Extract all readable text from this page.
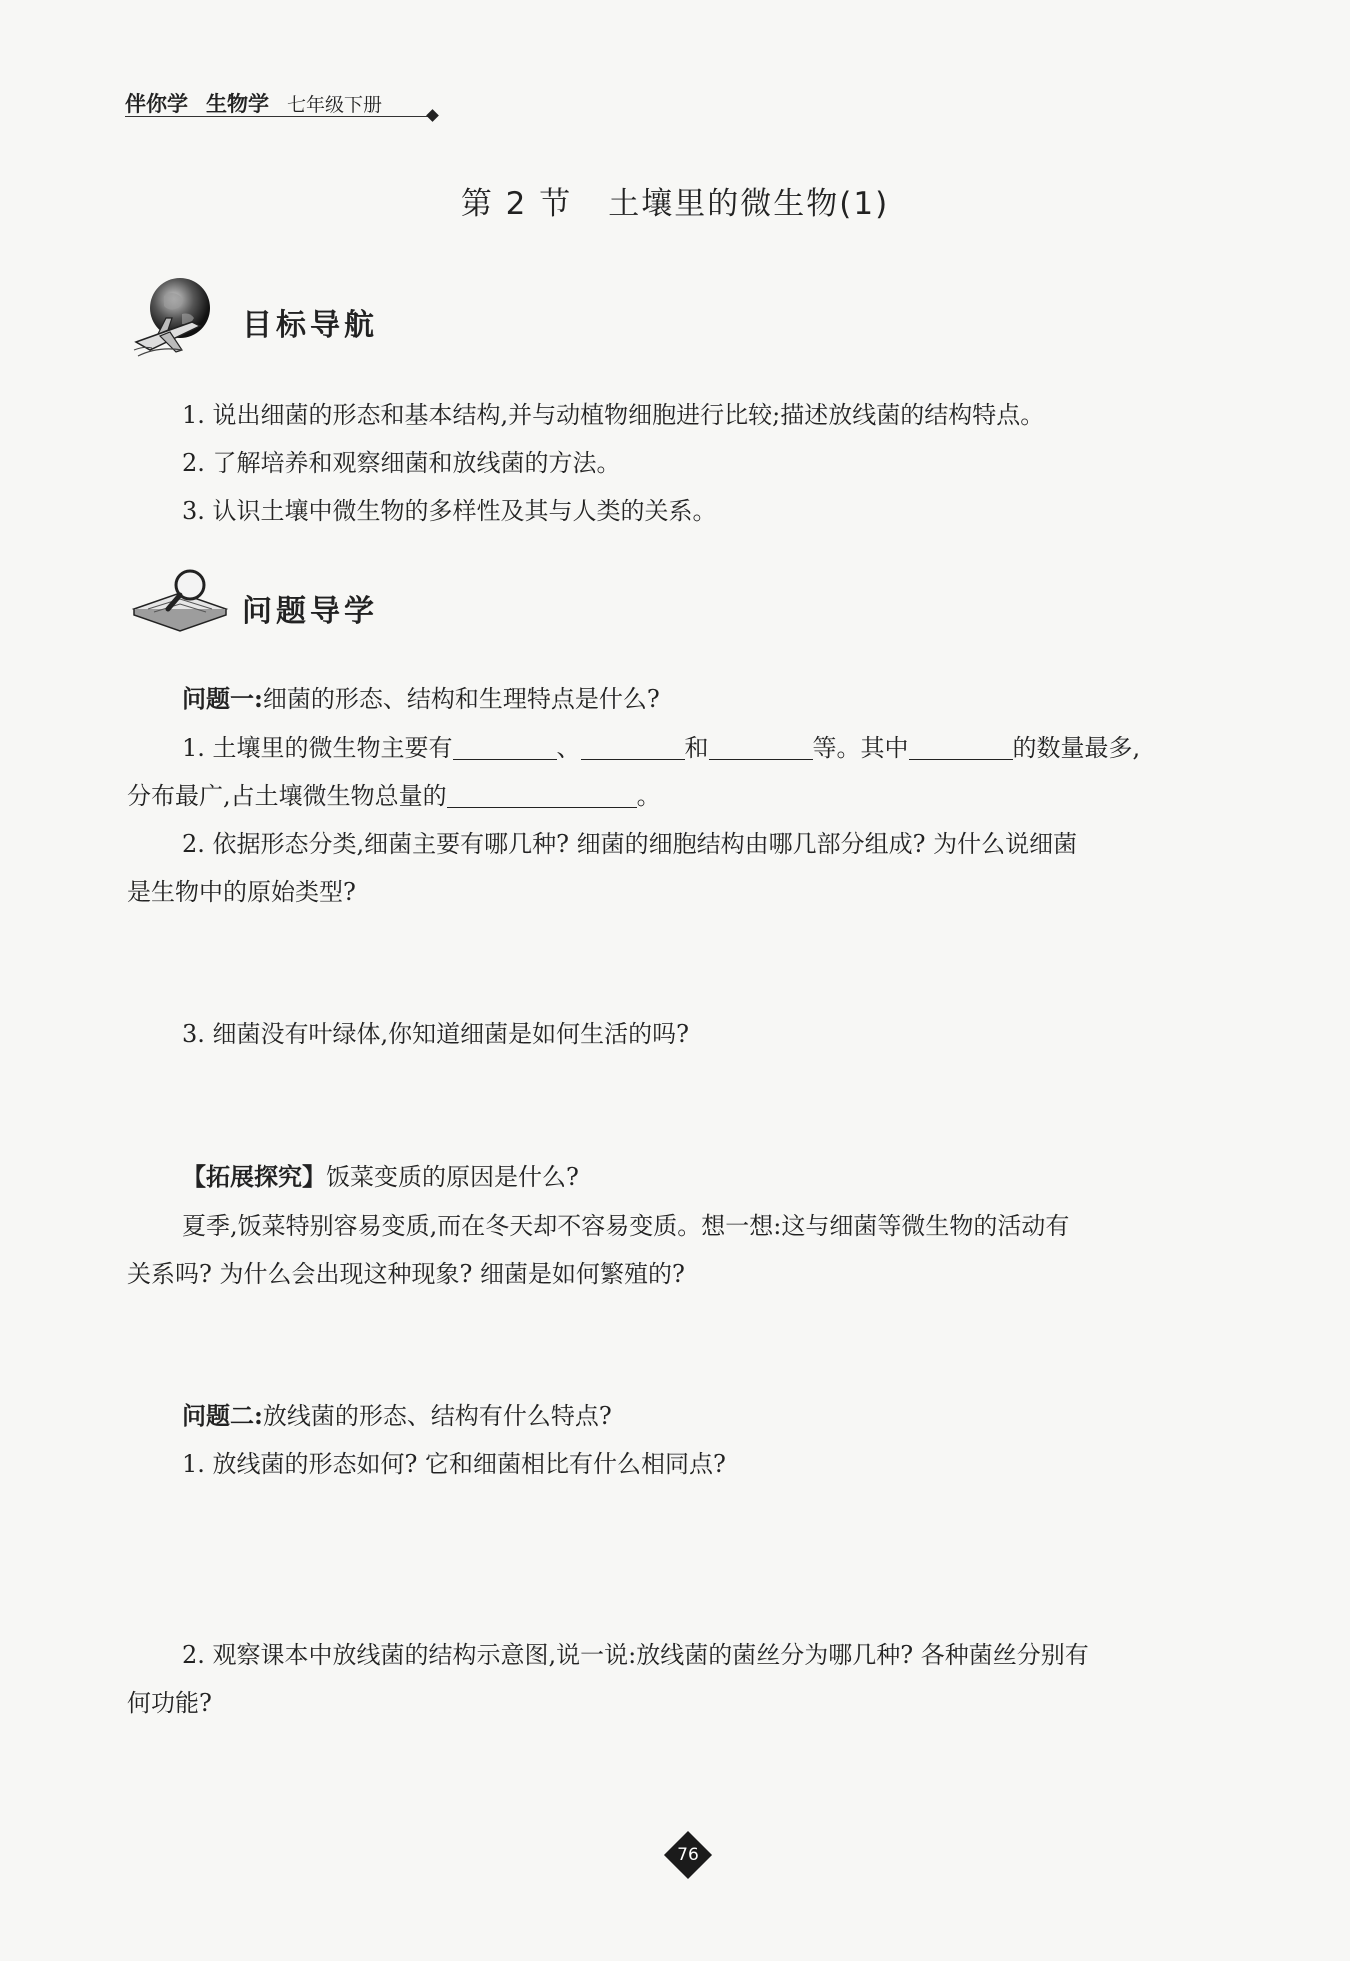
伴你学 生物学 七年级下册
第 2 节 土壤里的微生物(1)
目标导航
1. 说出细菌的形态和基本结构,并与动植物细胞进行比较;描述放线菌的结构特点。
2. 了解培养和观察细菌和放线菌的方法。
3. 认识土壤中微生物的多样性及其与人类的关系。
问题导学
问题一:细菌的形态、结构和生理特点是什么?
1. 土壤里的微生物主要有	、	和	等。其中	的数量最多,
分布最广,占土壤微生物总量的	。
2. 依据形态分类,细菌主要有哪几种? 细菌的细胞结构由哪几部分组成? 为什么说细菌
是生物中的原始类型?
3. 细菌没有叶绿体,你知道细菌是如何生活的吗?
【拓展探究】饭菜变质的原因是什么?
夏季,饭菜特别容易变质,而在冬天却不容易变质。想一想:这与细菌等微生物的活动有
关系吗? 为什么会出现这种现象? 细菌是如何繁殖的?
问题二:放线菌的形态、结构有什么特点?
1. 放线菌的形态如何? 它和细菌相比有什么相同点?
2. 观察课本中放线菌的结构示意图,说一说:放线菌的菌丝分为哪几种? 各种菌丝分别有
何功能?
76
